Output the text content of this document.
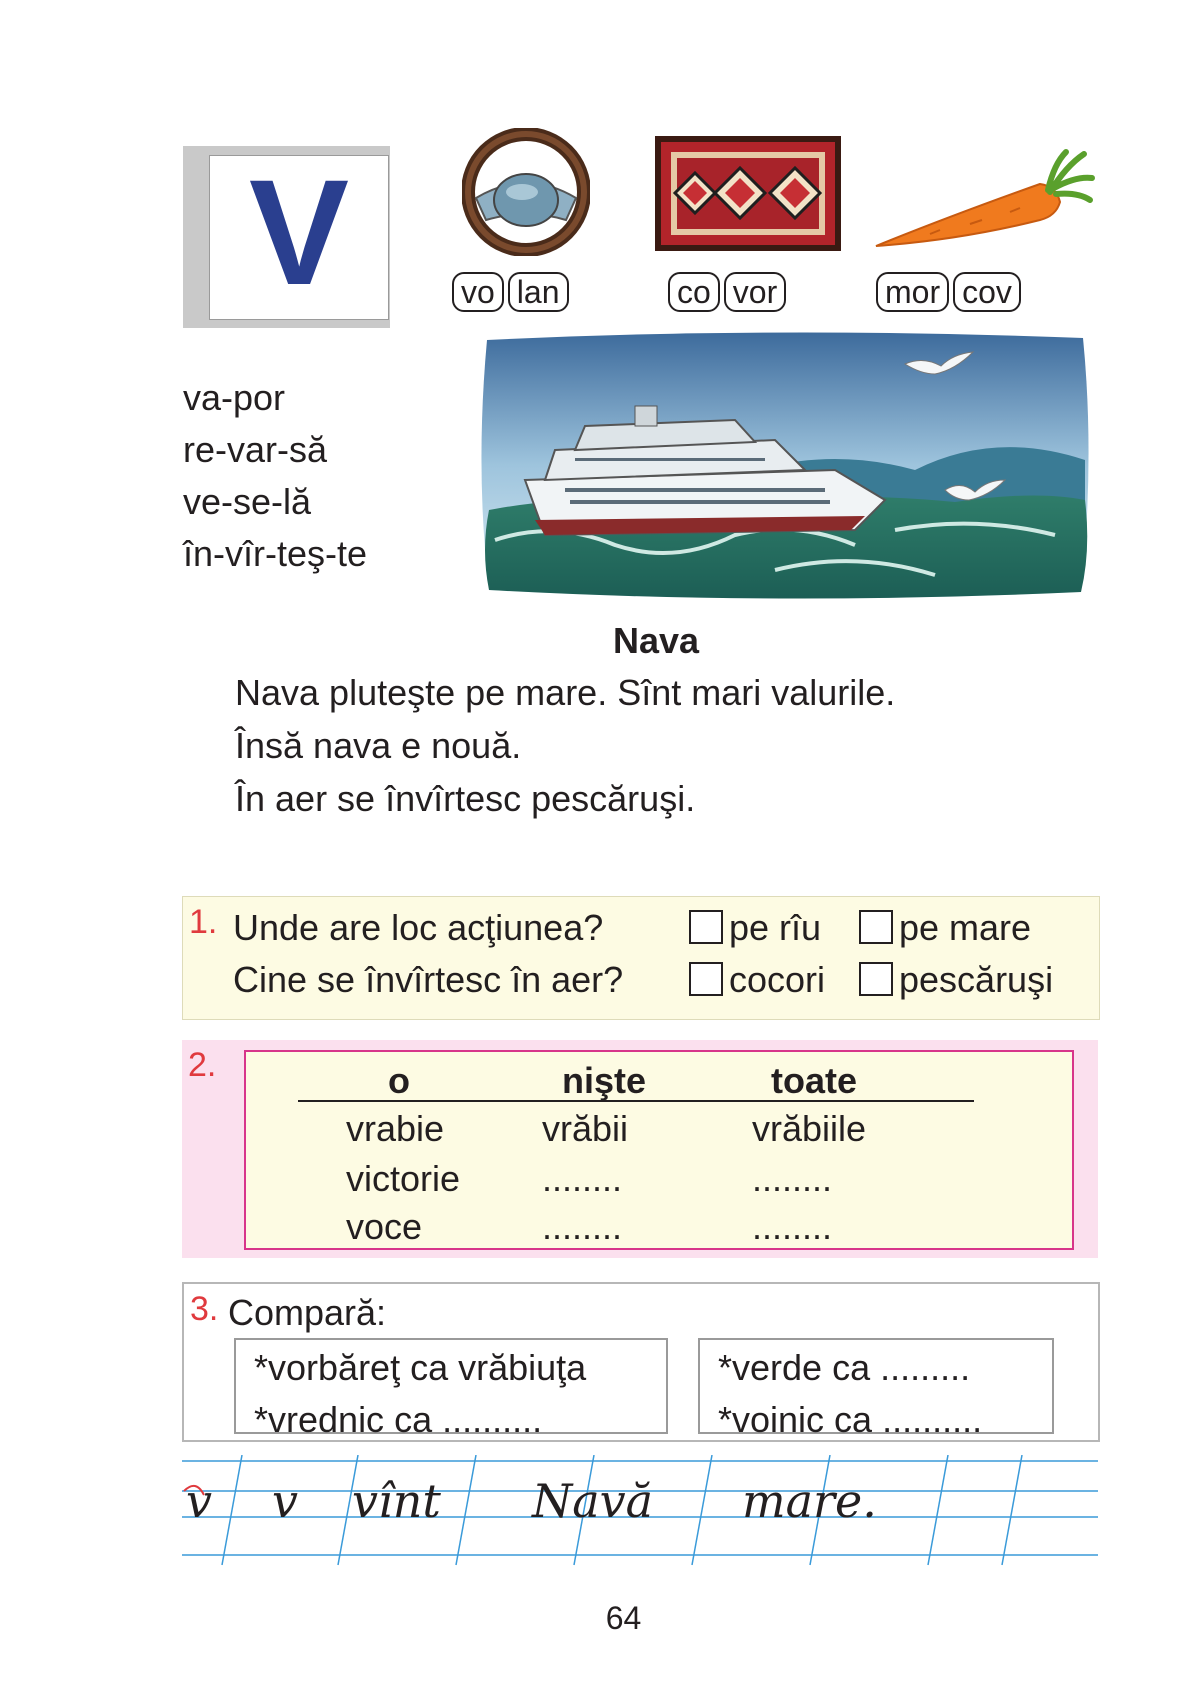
V	vo lan	co vor	mor cov
va-por
re-var-să
ve-se-lă
în-vîr-teş-te
Nava
Nava pluteşte pe mare. Sînt mari valurile.
Însă nava e nouă.
În aer se învîrtesc pescăruşi.
1. Unde are loc acţiunea?
Cine se învîrtesc în aer?
pe rîu	pe mare
cocori	pescăruşi
2.	o	nişte	toate
vrabie	vrăbii	vrăbiile
victorie ........	........
voce	........	........
3. Compară:
*vorbăreţ ca vrăbiuţa
*vrednic ca ..........
*verde ca .........
*voinic ca ..........
v v vînt Navă mare.
64
